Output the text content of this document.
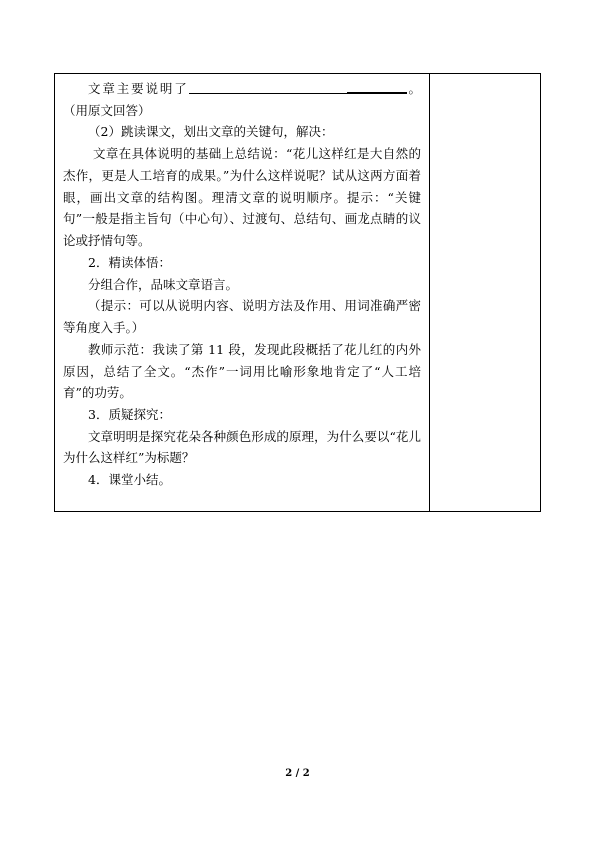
文章主要说明了	。（用原文回答）

（2）跳读课文，划出文章的关键句，解决：

文章在具体说明的基础上总结说：“花儿这样红是大自然的杰作，更是人工培育的成果。”为什么这样说呢？试从这两方面着眼，画出文章的结构图。理清文章的说明顺序。提示：“关键句”一般是指主旨句（中心句）、过渡句、总结句、画龙点睛的议论或抒情句等。

2．精读体悟：

分组合作，品味文章语言。

（提示：可以从说明内容、说明方法及作用、用词准确严密等角度入手。）

教师示范：我读了第 11 段，发现此段概括了花儿红的内外原因，总结了全文。“杰作”一词用比喻形象地肯定了“人工培育”的功劳。

3．质疑探究：

文章明明是探究花朵各种颜色形成的原理，为什么要以“花儿为什么这样红”为标题？

4．课堂小结。

2 / 2
